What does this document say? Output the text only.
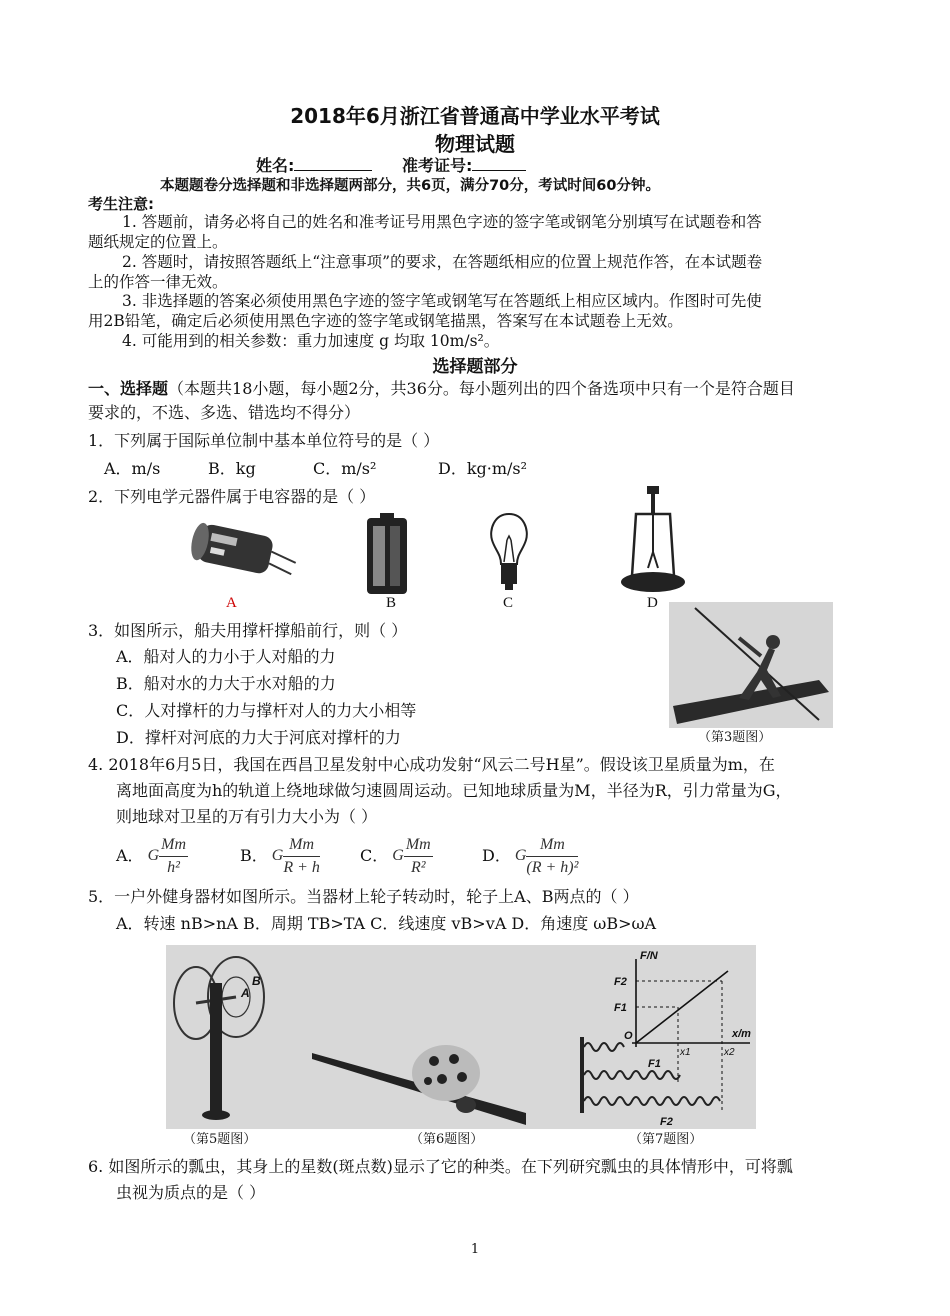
2018年6月浙江省普通高中学业水平考试
物理试题
姓名:	准考证号:
本题题卷分选择题和非选择题两部分，共6页，满分70分，考试时间60分钟。
考生注意:
1. 答题前，请务必将自己的姓名和准考证号用黑色字迹的签字笔或钢笔分别填写在试题卷和答
题纸规定的位置上。
2. 答题时，请按照答题纸上“注意事项”的要求，在答题纸相应的位置上规范作答，在本试题卷
上的作答一律无效。
3. 非选择题的答案必须使用黑色字迹的签字笔或钢笔写在答题纸上相应区域内。作图时可先使
用2B铅笔，确定后必须使用黑色字迹的签字笔或钢笔描黑，答案写在本试题卷上无效。
4. 可能用到的相关参数：重力加速度 g 均取 10m/s²。
选择题部分
一、选择题（本题共18小题，每小题2分，共36分。每小题列出的四个备选项中只有一个是符合题目
要求的，不选、多选、错选均不得分）
1．下列属于国际单位制中基本单位符号的是（ ）
A．m/s	B．kg	C．m/s²	D．kg·m/s²
2．下列电学元器件属于电容器的是（ ）
A	B	C	D
3．如图所示，船夫用撑杆撑船前行，则（ ）
A．船对人的力小于人对船的力
B．船对水的力大于水对船的力
C．人对撑杆的力与撑杆对人的力大小相等
D．撑杆对河底的力大于河底对撑杆的力	（第3题图）
4. 2018年6月5日，我国在西昌卫星发射中心成功发射“风云二号H星”。假设该卫星质量为m，在
离地面高度为h的轨道上绕地球做匀速圆周运动。已知地球质量为M，半径为R，引力常量为G，
则地球对卫星的万有引力大小为（ ）
A． G $\frac{Mm}{\text{h²}}$	B． G $\frac{Mm}{R + h}$	C． G $\frac{Mm}{\text{R²}}$	D． G $\frac{Mm}{\text{(R + h)²}}$
5．一户外健身器材如图所示。当器材上轮子转动时，轮子上A、B两点的（ ）
A．转速 nB>nA B．周期 TB>TA C．线速度 vB>vA D．角速度 ωB>ωA
A
B
F/N
x/m
F2
F1
O
x1	x2
F1
F2
（第5题图）	（第6题图）	（第7题图）
6. 如图所示的瓢虫，其身上的星数(斑点数)显示了它的种类。在下列研究瓢虫的具体情形中，可将瓢
虫视为质点的是（ ）
1
